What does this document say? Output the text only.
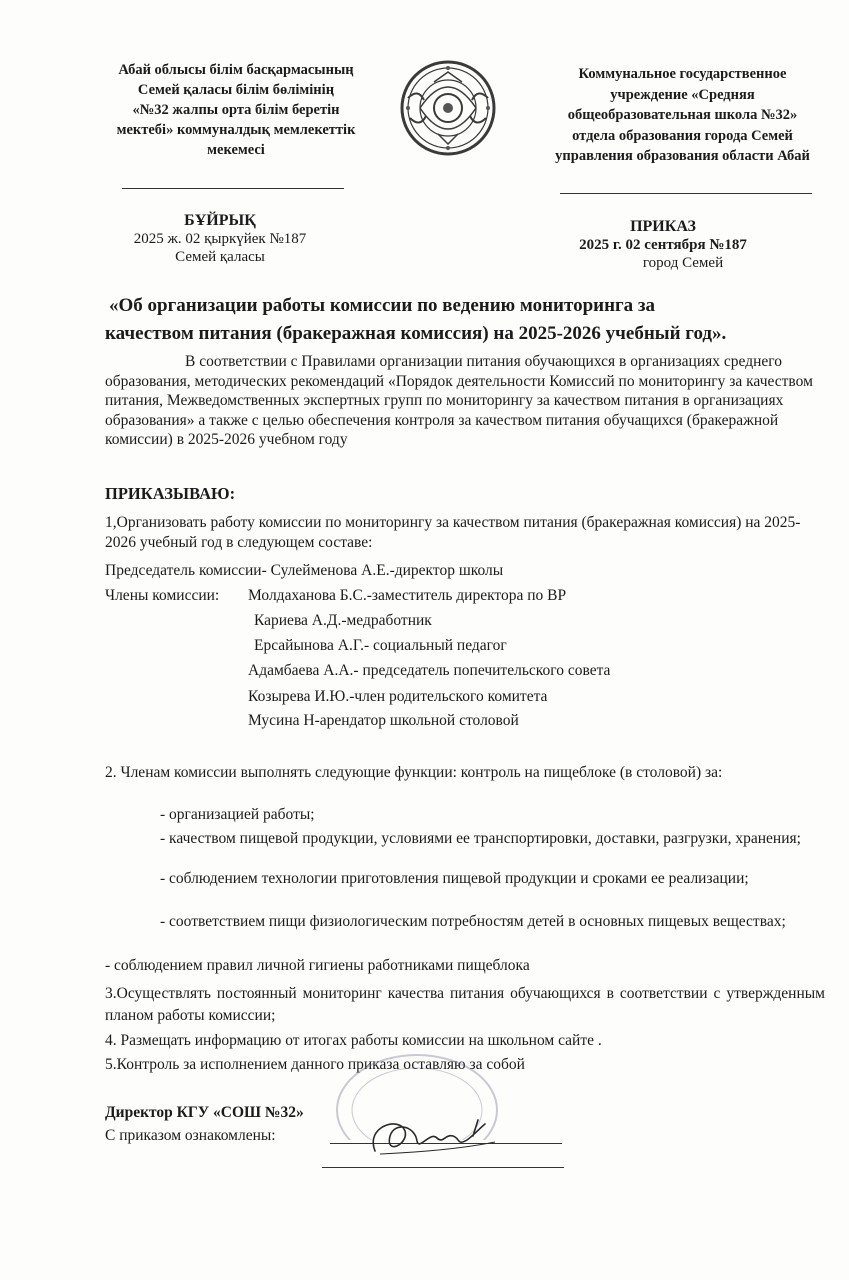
Абай облысы білім басқармасының
Семей қаласы білім бөлімінің
«№32 жалпы орта білім беретін
мектебі» коммуналдық мемлекеттік
мекемесі
Коммунальное государственное
учреждение «Средняя
общеобразовательная школа №32»
отдела образования города Семей
управления образования области Абай
БҰЙРЫҚ
2025 ж. 02 қыркүйек №187
Семей қаласы
ПРИКАЗ
2025 г. 02 сентября №187
город Семей
«Об организации работы комиссии по ведению мониторинга за
качеством питания (бракеражная комиссия) на 2025-2026 учебный год».

В соответствии с Правилами организации питания обучающихся в организациях среднего образования, методических рекомендаций «Порядок деятельности Комиссий по мониторингу за качеством питания, Межведомственных экспертных групп по мониторингу за качеством питания в организациях образования» а также с целью обеспечения контроля за качеством питания обучащихся (бракеражной комиссии) в 2025-2026 учебном году

ПРИКАЗЫВАЮ:
1,Организовать работу комиссии по мониторингу за качеством питания (бракеражная комиссия) на 2025-2026 учебный год в следующем составе:
Председатель комиссии- Сулейменова А.Е.-директор школы
Члены комиссии: Молдаханова Б.С.-заместитель директора по ВР
Кариева А.Д.-медработник
Ерсайынова А.Г.- социальный педагог
Адамбаева А.А.- председатель попечительского совета
Козырева И.Ю.-член родительского комитета
Мусина Н-арендатор школьной столовой
2. Членам комиссии выполнять следующие функции: контроль на пищеблоке (в столовой) за:
- организацией работы;
- качеством пищевой продукции, условиями ее транспортировки, доставки, разгрузки, хранения;
- соблюдением технологии приготовления пищевой продукции и сроками ее реализации;
- соответствием пищи физиологическим потребностям детей в основных пищевых веществах;
- соблюдением правил личной гигиены работниками пищеблока
3.Осуществлять постоянный мониторинг качества питания обучающихся в соответствии с утвержденным планом работы комиссии;
4. Размещать информацию от итогах работы комиссии на школьном сайте .
5.Контроль за исполнением данного приказа оставляю за собой
Директор КГУ «СОШ №32»
С приказом ознакомлены:
